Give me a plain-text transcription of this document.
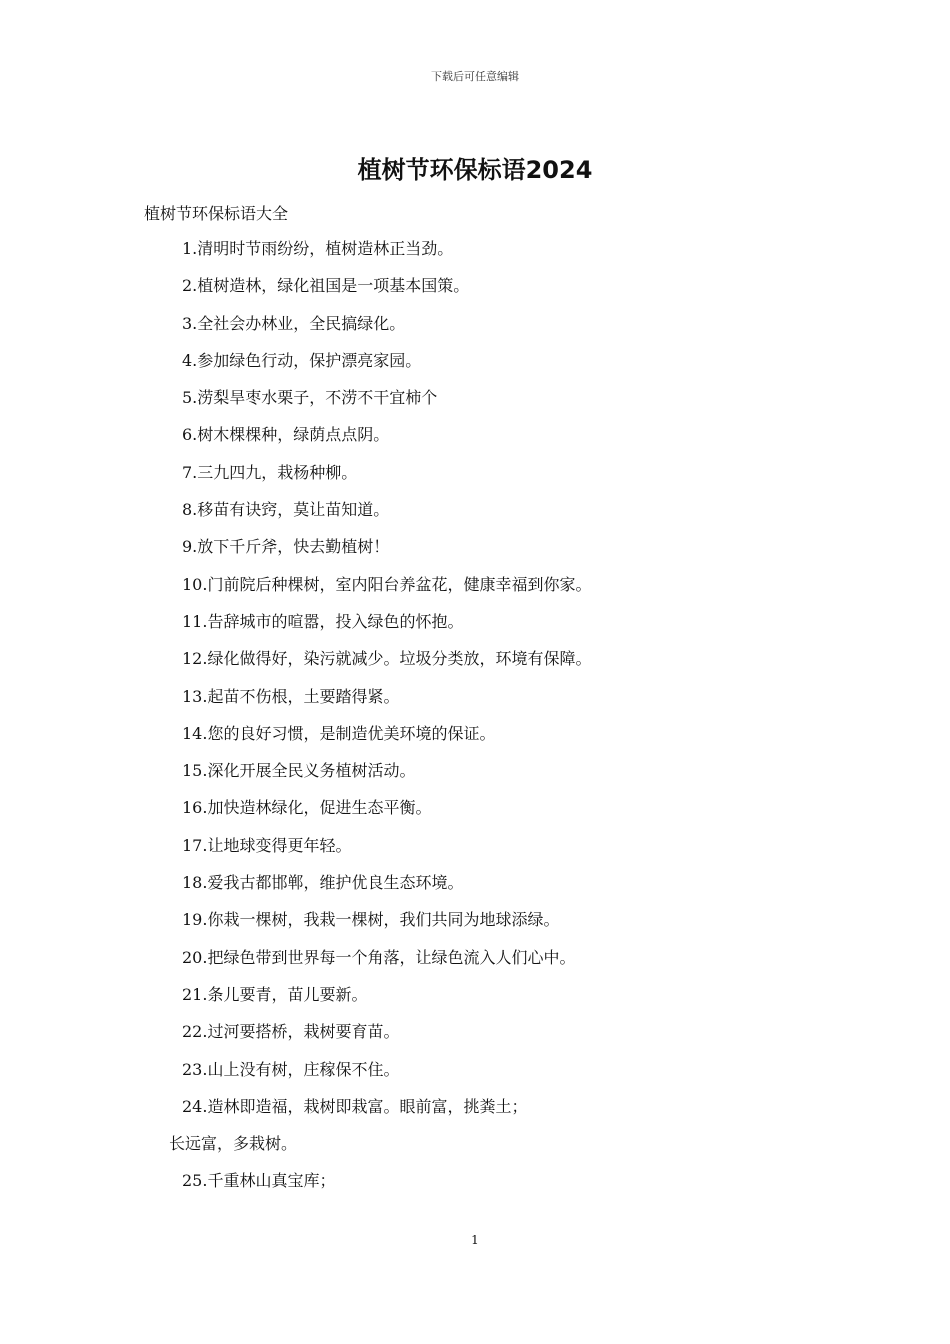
下载后可任意编辑
植树节环保标语2024
植树节环保标语大全
1.清明时节雨纷纷，植树造林正当劲。
2.植树造林，绿化祖国是一项基本国策。
3.全社会办林业，全民搞绿化。
4.参加绿色行动，保护漂亮家园。
5.涝梨旱枣水栗子，不涝不干宜柿个
6.树木棵棵种，绿荫点点阴。
7.三九四九，栽杨种柳。
8.移苗有诀窍，莫让苗知道。
9.放下千斤斧，快去勤植树！
10.门前院后种棵树，室内阳台养盆花，健康幸福到你家。
11.告辞城市的喧嚣，投入绿色的怀抱。
12.绿化做得好，染污就减少。垃圾分类放，环境有保障。
13.起苗不伤根，土要踏得紧。
14.您的良好习惯，是制造优美环境的保证。
15.深化开展全民义务植树活动。
16.加快造林绿化，促进生态平衡。
17.让地球变得更年轻。
18.爱我古都邯郸，维护优良生态环境。
19.你栽一棵树，我栽一棵树，我们共同为地球添绿。
20.把绿色带到世界每一个角落，让绿色流入人们心中。
21.条儿要青，苗儿要新。
22.过河要搭桥，栽树要育苗。
23.山上没有树，庄稼保不住。
24.造林即造福，栽树即栽富。眼前富，挑粪土；
长远富，多栽树。
25.千重林山真宝库；
1
